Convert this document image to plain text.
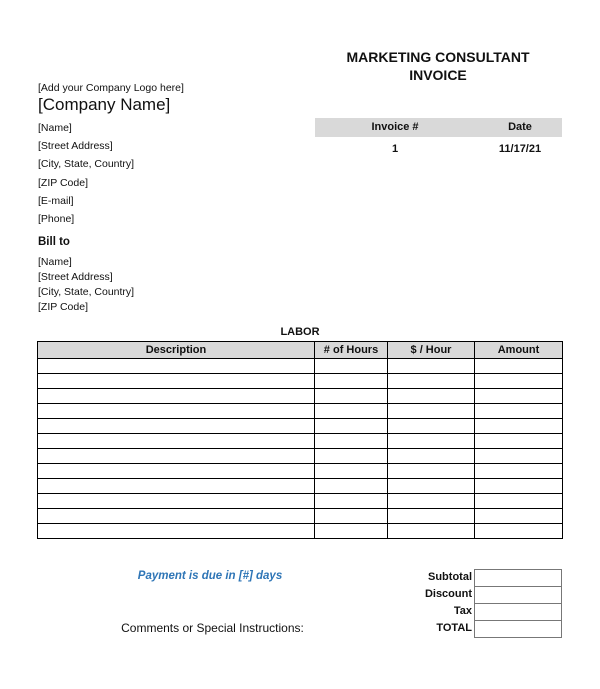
MARKETING CONSULTANT
INVOICE
[Add your Company Logo here]
[Company Name]
[Name]
[Street Address]
[City, State, Country]
[ZIP Code]
[E-mail]
[Phone]
Bill to
[Name]
[Street Address]
[City, State, Country]
[ZIP Code]
Invoice #	Date
1	11/17/21
LABOR
Description	# of Hours	$ / Hour	Amount

Payment is due in [#] days
Comments or Special Instructions:
Subtotal
Discount
Tax
TOTAL
